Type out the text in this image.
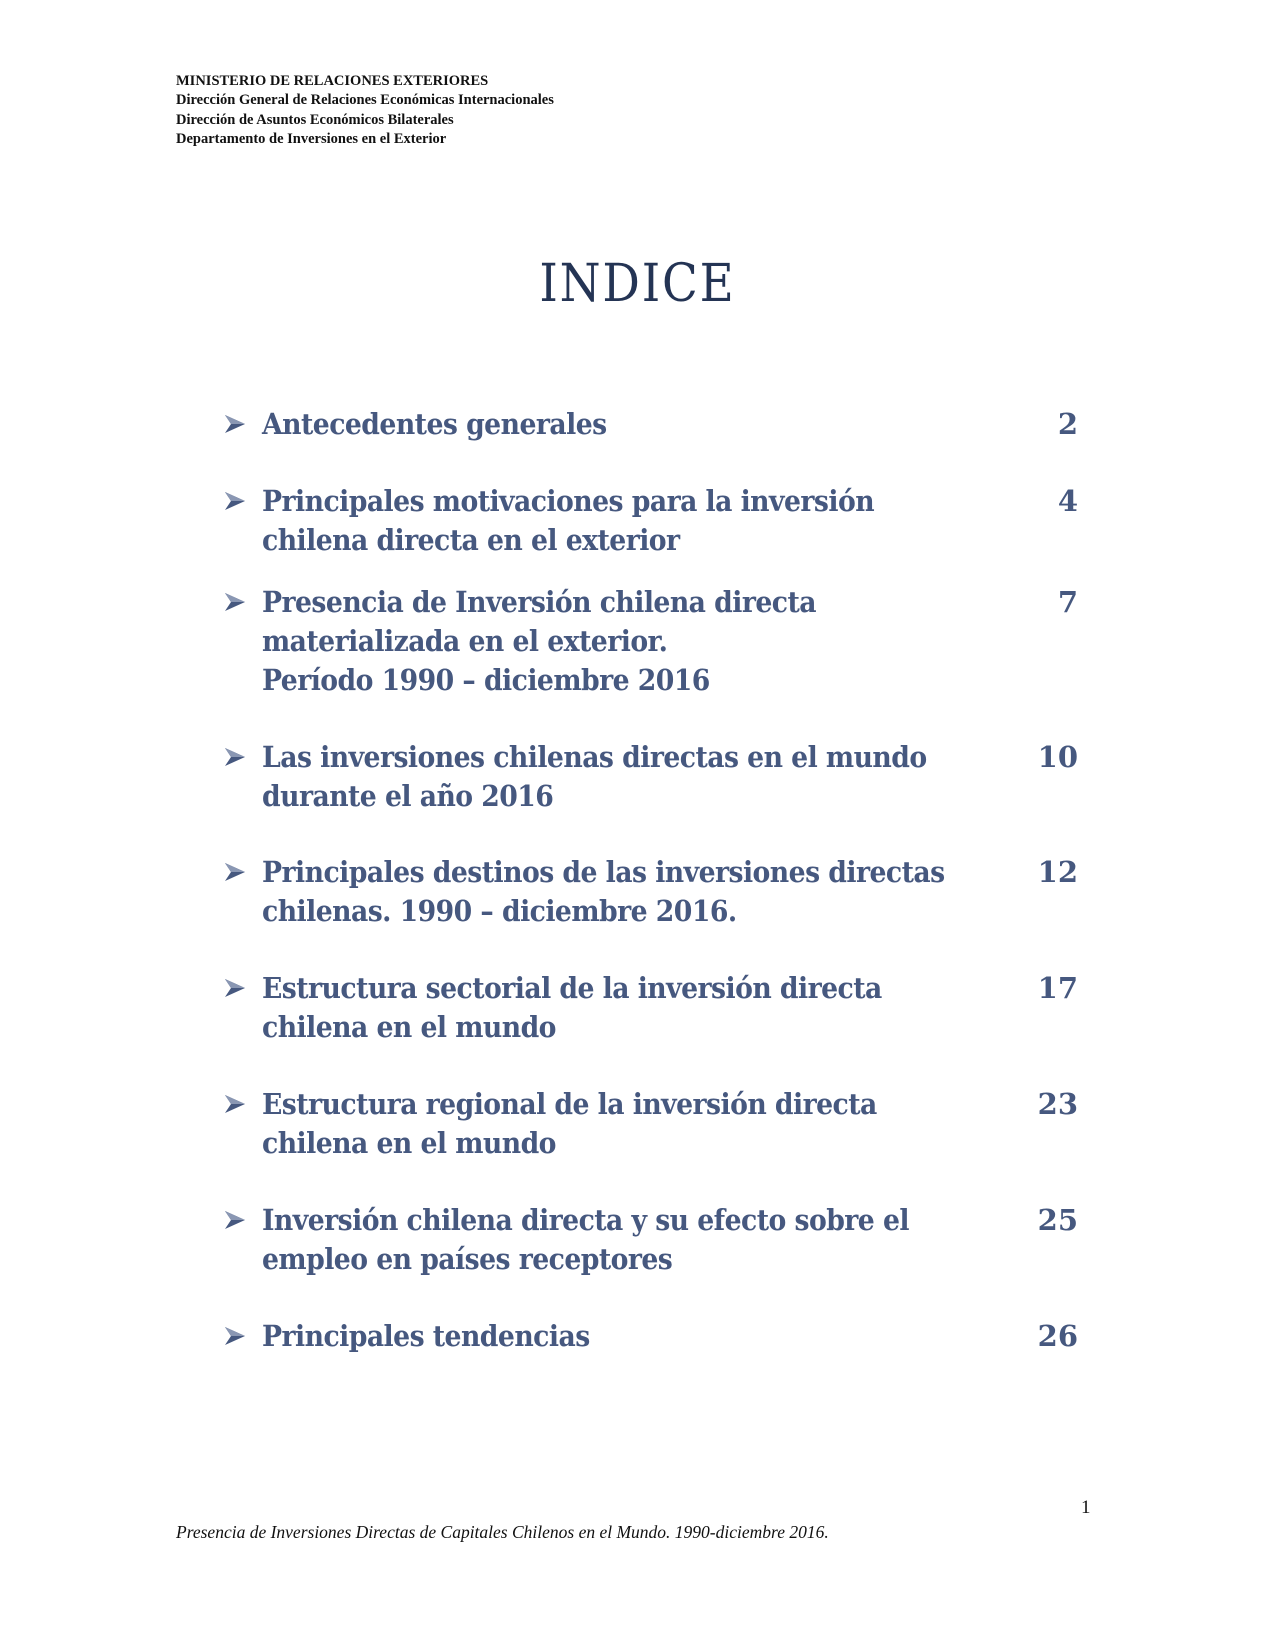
MINISTERIO DE RELACIONES EXTERIORES
Dirección General de Relaciones Económicas Internacionales
Dirección de Asuntos Económicos Bilaterales
Departamento de Inversiones en el Exterior
INDICE
Antecedentes generales	2
Principales motivaciones para la inversión
chilena directa en el exterior
4
Presencia de Inversión chilena directa
materializada en el exterior.
Período 1990 – diciembre 2016
7
Las inversiones chilenas directas en el mundo
durante el año 2016
10
Principales destinos de las inversiones directas
chilenas. 1990 – diciembre 2016.
12
Estructura sectorial de la inversión directa
chilena en el mundo
17
Estructura regional de la inversión directa
chilena en el mundo
23
Inversión chilena directa y su efecto sobre el
empleo en países receptores
25
Principales tendencias	26
1
Presencia de Inversiones Directas de Capitales Chilenos en el Mundo. 1990-diciembre 2016.
